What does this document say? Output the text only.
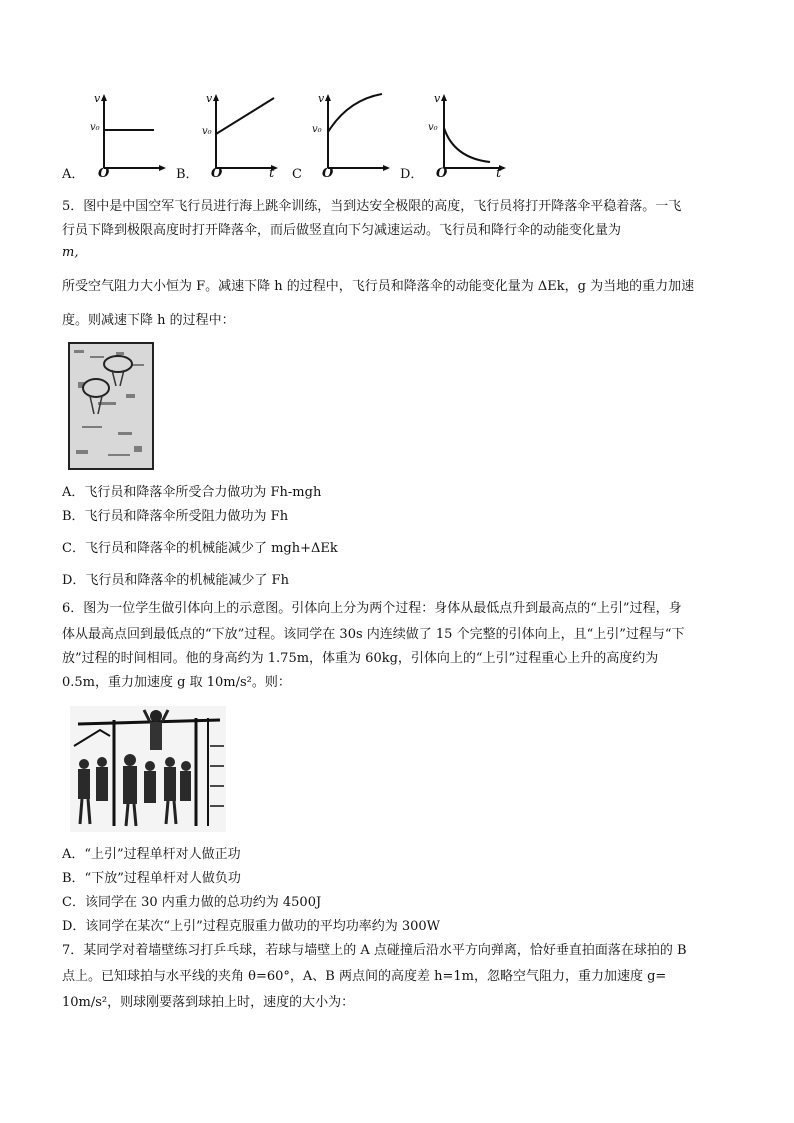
v
v₀
O
v
v₀
O	t
v
v₀
O
v
v₀
O	t
A．	B．	C	D．
5．图中是中国空军飞行员进行海上跳伞训练，当到达安全极限的高度，飞行员将打开降落伞平稳着落。一飞
行员下降到极限高度时打开降落伞，而后做竖直向下匀减速运动。飞行员和降行伞的动能变化量为
m,
所受空气阻力大小恒为 F。减速下降 h 的过程中，飞行员和降落伞的动能变化量为 ΔEk，g 为当地的重力加速
度。则减速下降 h 的过程中：
A．飞行员和降落伞所受合力做功为 Fh-mgh
B．飞行员和降落伞所受阻力做功为 Fh
C．飞行员和降落伞的机械能减少了 mgh+ΔEk
D．飞行员和降落伞的机械能减少了 Fh
6．图为一位学生做引体向上的示意图。引体向上分为两个过程：身体从最低点升到最高点的“上引”过程，身
体从最高点回到最低点的“下放”过程。该同学在 30s 内连续做了 15 个完整的引体向上，且“上引”过程与“下
放”过程的时间相同。他的身高约为 1.75m，体重为 60kg，引体向上的“上引”过程重心上升的高度约为
0.5m，重力加速度 g 取 10m/s²。则：
A．“上引”过程单杆对人做正功
B．“下放”过程单杆对人做负功
C．该同学在 30 内重力做的总功约为 4500J
D．该同学在某次“上引”过程克服重力做功的平均功率约为 300W
7．某同学对着墙壁练习打乒乓球，若球与墙壁上的 A 点碰撞后沿水平方向弹离，恰好垂直拍面落在球拍的 B
点上。已知球拍与水平线的夹角 θ=60°，A、B 两点间的高度差 h=1m，忽略空气阻力，重力加速度 g=
10m/s²，则球刚要落到球拍上时，速度的大小为：
